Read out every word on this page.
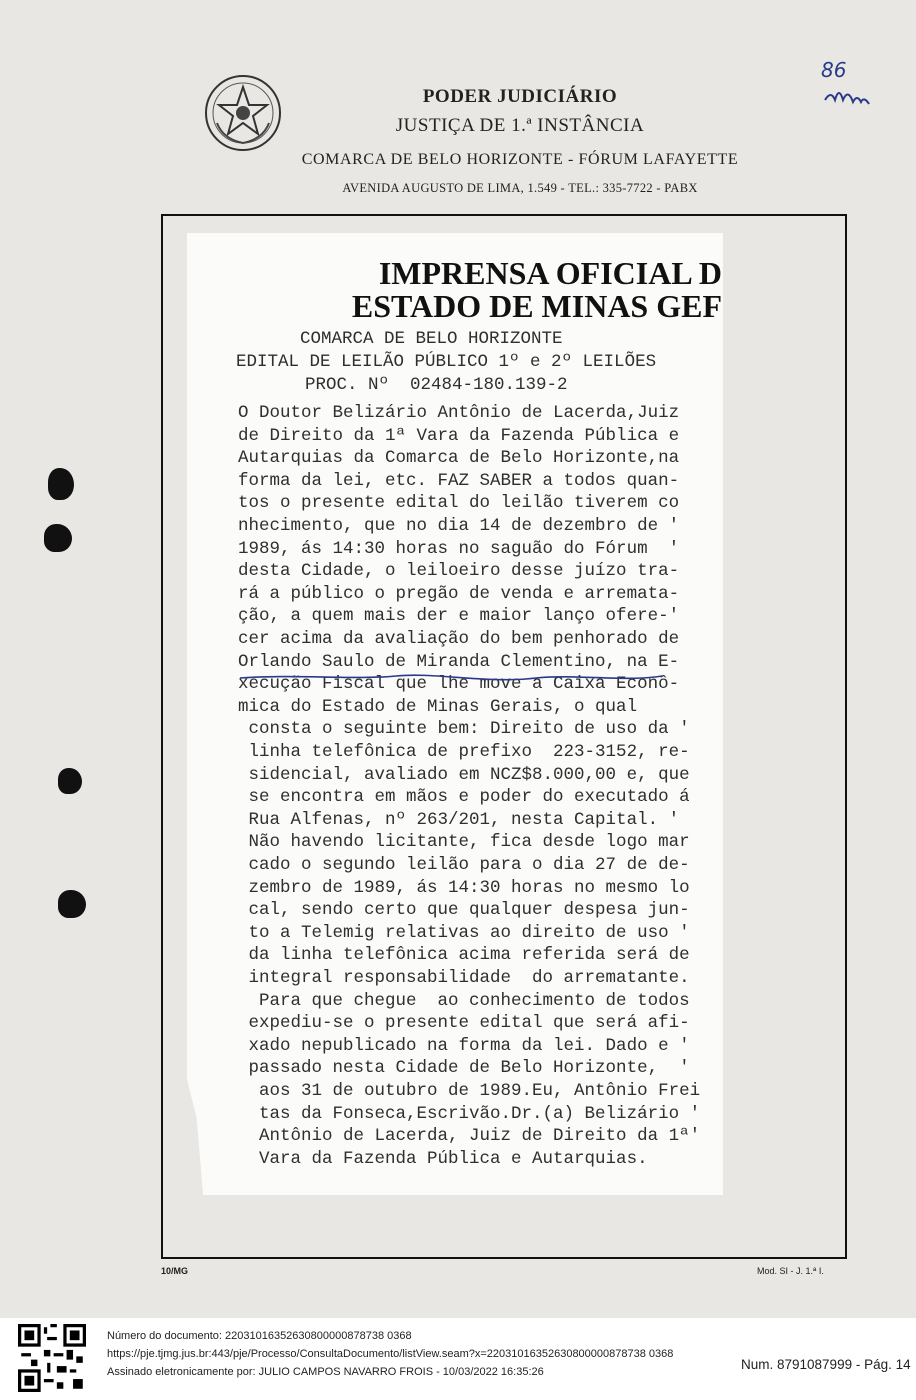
PODER JUDICIÁRIO
JUSTIÇA DE 1.ª INSTÂNCIA
COMARCA DE BELO HORIZONTE - FÓRUM LAFAYETTE
AVENIDA AUGUSTO DE LIMA, 1.549 - TEL.: 335-7722 - PABX
86
IMPRENSA OFICIAL D
ESTADO DE MINAS GEF
COMARCA DE BELO HORIZONTE
EDITAL DE LEILÃO PÚBLICO 1º e 2º LEILÕES
PROC. Nº  02484-180.139-2
O Doutor Belizário Antônio de Lacerda,Juiz
de Direito da 1ª Vara da Fazenda Pública e
Autarquias da Comarca de Belo Horizonte,na
forma da lei, etc. FAZ SABER a todos quan-
tos o presente edital do leilão tiverem co
nhecimento, que no dia 14 de dezembro de '
1989, ás 14:30 horas no saguão do Fórum  '
desta Cidade, o leiloeiro desse juízo tra-
rá a público o pregão de venda e arremata-
ção, a quem mais der e maior lanço ofere-'
cer acima da avaliação do bem penhorado de
Orlando Saulo de Miranda Clementino, na E-
xecução Fiscal que lhe move a Caixa Econô-
mica do Estado de Minas Gerais, o qual
consta o seguinte bem: Direito de uso da '
linha telefônica de prefixo  223-3152, re-
sidencial, avaliado em NCZ$8.000,00 e, que
se encontra em mãos e poder do executado á
Rua Alfenas, nº 263/201, nesta Capital. '
Não havendo licitante, fica desde logo mar
cado o segundo leilão para o dia 27 de de-
zembro de 1989, ás 14:30 horas no mesmo lo
cal, sendo certo que qualquer despesa jun-
to a Telemig relativas ao direito de uso '
da linha telefônica acima referida será de
integral responsabilidade  do arrematante.
Para que chegue  ao conhecimento de todos
expediu-se o presente edital que será afi-
xado nepublicado na forma da lei. Dado e '
passado nesta Cidade de Belo Horizonte,  '
aos 31 de outubro de 1989.Eu, Antônio Frei
tas da Fonseca,Escrivão.Dr.(a) Belizário '
Antônio de Lacerda, Juiz de Direito da 1ª'
Vara da Fazenda Pública e Autarquias.
10/MG	Mod. SI - J. 1.ª I.
Número do documento: 22031016352630800000878738 0368
https://pje.tjmg.jus.br:443/pje/Processo/ConsultaDocumento/listView.seam?x=22031016352630800000878738 0368
Assinado eletronicamente por: JULIO CAMPOS NAVARRO FROIS - 10/03/2022 16:35:26	Num. 8791087999 - Pág. 14
